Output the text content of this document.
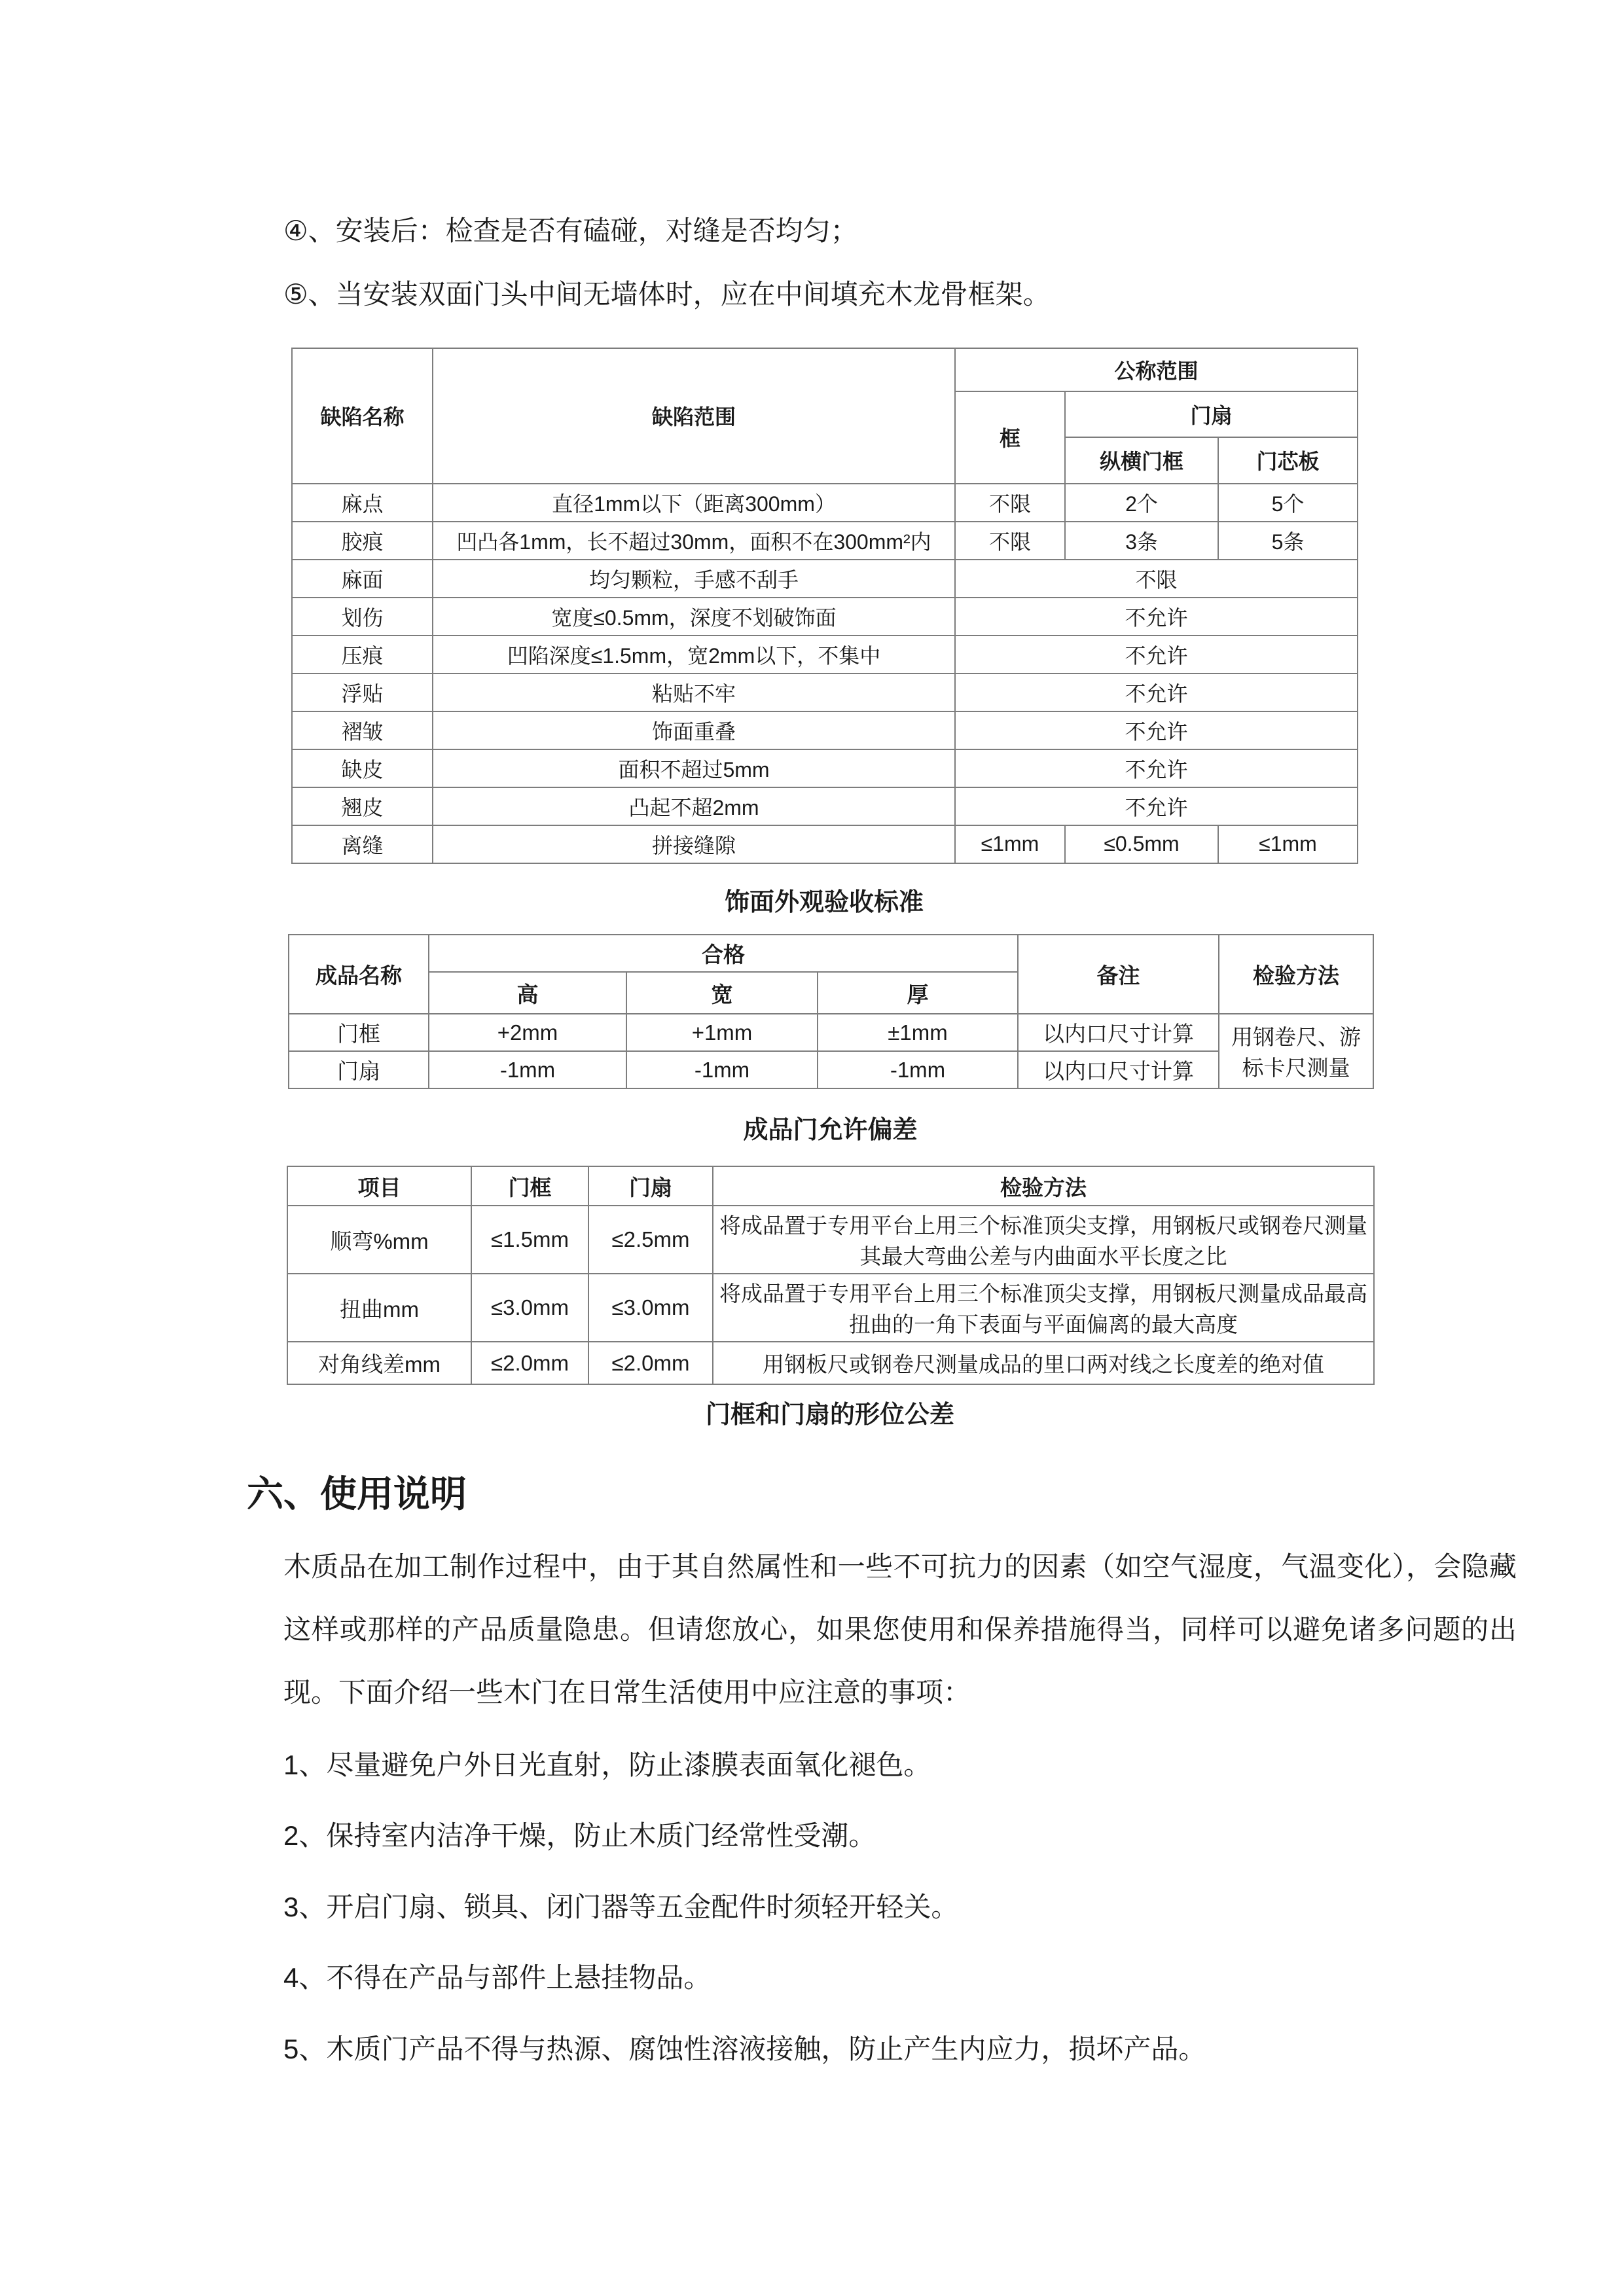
④、安装后：检查是否有磕碰，对缝是否均匀；

⑤、当安装双面门头中间无墙体时，应在中间填充木龙骨框架。

缺陷名称	缺陷范围	公称范围		
		框	门扇	
			纵横门框	门芯板
麻点	直径1mm以下（距离300mm）	不限	2个	5个
胶痕	凹凸各1mm，长不超过30mm，面积不在300mm²内	不限	3条	5条
麻面	均匀颗粒，手感不刮手	不限		
划伤	宽度≤0.5mm，深度不划破饰面	不允许		
压痕	凹陷深度≤1.5mm，宽2mm以下，不集中	不允许		
浮贴	粘贴不牢	不允许		
褶皱	饰面重叠	不允许		
缺皮	面积不超过5mm	不允许		
翘皮	凸起不超2mm	不允许		
离缝	拼接缝隙	≤1mm	≤0.5mm	≤1mm
饰面外观验收标准
成品名称	合格			备注	检验方法
	高	宽	厚		
门框	+2mm	+1mm	±1mm	以内口尺寸计算	用钢卷尺、游标卡尺测量
门扇	-1mm	-1mm	-1mm	以内口尺寸计算	
成品门允许偏差
项目	门框	门扇	检验方法
顺弯%mm	≤1.5mm	≤2.5mm	将成品置于专用平台上用三个标准顶尖支撑，用钢板尺或钢卷尺测量其最大弯曲公差与内曲面水平长度之比
扭曲mm	≤3.0mm	≤3.0mm	将成品置于专用平台上用三个标准顶尖支撑，用钢板尺测量成品最高扭曲的一角下表面与平面偏离的最大高度
对角线差mm	≤2.0mm	≤2.0mm	用钢板尺或钢卷尺测量成品的里口两对线之长度差的绝对值
门框和门扇的形位公差
六、使用说明

木质品在加工制作过程中，由于其自然属性和一些不可抗力的因素（如空气湿度，气温变化），会隐藏这样或那样的产品质量隐患。但请您放心，如果您使用和保养措施得当，同样可以避免诸多问题的出现。下面介绍一些木门在日常生活使用中应注意的事项：

1、尽量避免户外日光直射，防止漆膜表面氧化褪色。
2、保持室内洁净干燥，防止木质门经常性受潮。
3、开启门扇、锁具、闭门器等五金配件时须轻开轻关。
4、不得在产品与部件上悬挂物品。
5、木质门产品不得与热源、腐蚀性溶液接触，防止产生内应力，损坏产品。
